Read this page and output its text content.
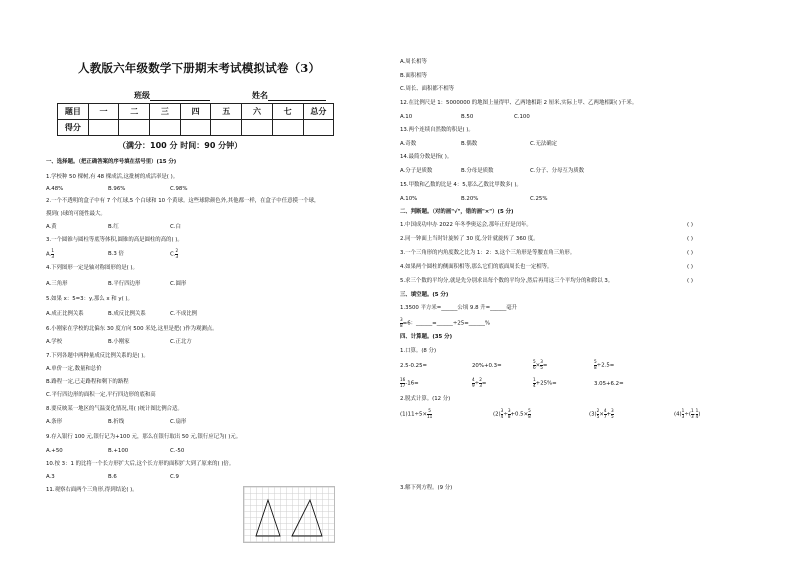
人教版六年级数学下册期末考试模拟试卷（3）
班级	姓名
题目	一	二	三	四	五	六	七	总分
得分								
（满分：100 分 时间：90 分钟）
一、选择题。（把正确答案的序号填在括号里）(15 分)
1.学校种 50 棵树,有 48 棵成活,这批树的成活率是( )。
A.48%	B.96%	C.98%
2.一个不透明的盒子中有 7 个红球,5 个白球和 10 个黄球。这些球除颜色外,其他都一样，在盒子中任意摸一个球，
摸到( )球的可能性最大。
A.黄	B.红	C.白
3.一个圆锥与圆柱等底等体积,圆锥的高是圆柱的高的( )。
A. $\frac{1}{3}$	B.3 倍	C. $\frac{2}{3}$
4.下列图形一定是轴对称图形的是( )。
A.三角形	B.平行四边形	C.圆形
5.如果 x：5=3：y,那么 x 和 y( )。
A.成正比例关系	B.成反比例关系	C.不成比例
6.小刚家在学校的北偏东 30 度方向 500 米处,这里是把( )作为观测点。
A.学校	B.小刚家	C.正北方
7.下列各题中两种量成反比例关系的是( )。
A.单价一定,数量和总价
B.路程一定,已走路程和剩下的路程
C.平行四边形的面积一定,平行四边形的底和高
8.要反映某一地区的气温变化情况,用( )统计图比例合适。
A.条形	B.折线	C.扇形
9.存入银行 100 元,银行记为+100 元，那么在银行取出 50 元,银行应记为( )元。
A.+50	B.+100	C.-50
10.按 3：1 的比将一个长方形扩大后,这个长方形的面积扩大到了原来的( )倍。
A.3	B.6	C.9
11.观察右面两个三角形,得到结论( )。
A.周长相等
B.面积相等
C.周长、面积都不相等
12.在比例尺是 1：5000000 的地图上量得甲、乙两地相距 2 厘米,实际上甲、乙两地相距( )千米。
A.10	B.50	C.100
13.两个连续自然数的积是( )。
A.奇数	B.偶数	C.无法确定
14.最简分数是指( )。
A.分子是质数	B.分母是质数	C.分子、分母互为质数
15.甲数和乙数的比是 4：5,那么乙数比甲数多( )。
A.10%	B.20%	C.25%
二、判断题。（对的画"√"，错的画"×"）(5 分)
1.中国成功申办 2022 年冬季奥运会,那年正好是闰年。	( )
2.同一钟面上当时针旋转了 30 度,分针就旋转了 360 度。	( )
3.一个三角形的内角度数之比为 1：2：3,这个三角形是等腰直角三角形。	( )
4.如果两个圆柱的侧面积相等,那么它们的底面周长也一定相等。	( )
5.求三个数的平均分,就是先分别求出每个数的平均分,然后再用这三个平均分的和除以 3。	( )
三、填空题。(5 分)
1.3500 平方米=______公顷 9.8 升=______毫升
$\frac{3}{8} =6$：______=______÷25=______%
四、计算题。(35 分)
1.口算。(8 分)
2.5-0.25=	20%+0.3=	$\frac{5}{6} \times \frac{3}{5}$ =	$\frac{5}{8} \div 2.5=$
$\frac{16}{17} -16=$	$\frac{4}{9} \div \frac{2}{3}$ =	$\frac{1}{4} +25\%=$	3.05+6.2=
2.脱式计算。(12 分)
$(1)11\div 5\times \frac{5}{11}$	$(2) \frac{3}{4} \div \frac{3}{8} +0.5\times \frac{5}{8}$	$(3) \frac{2}{5} \times \frac{4}{7} + \frac{3}{5}$	$(4) \frac{1}{3}$ ÷( $\frac{1}{3} - \frac{1}{4}$ )
3.解下列方程。(9 分)
